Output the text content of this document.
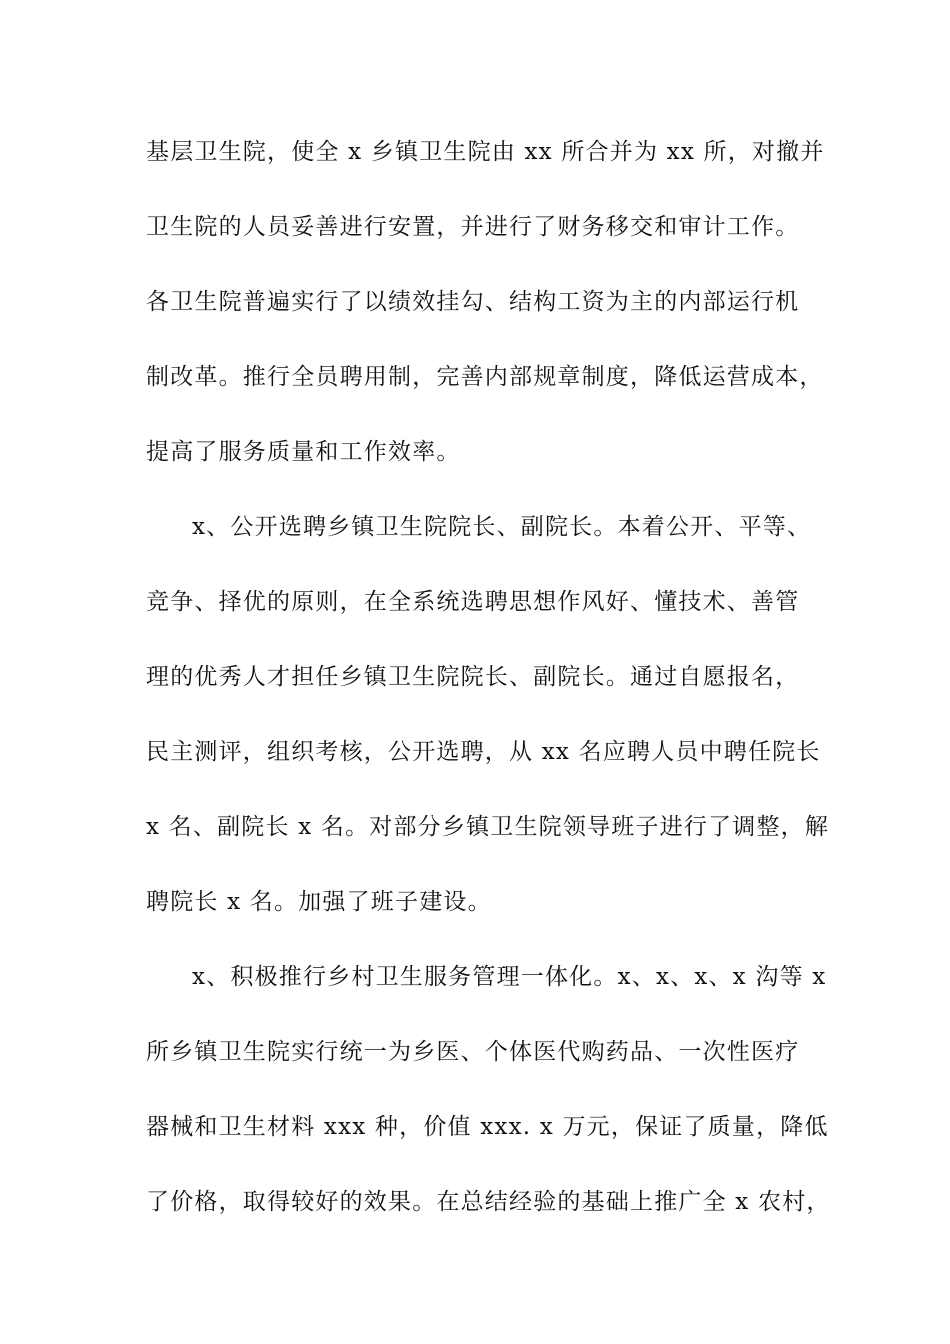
基层卫生院，使全 x 乡镇卫生院由 xx 所合并为 xx 所，对撤并
卫生院的人员妥善进行安置，并进行了财务移交和审计工作。
各卫生院普遍实行了以绩效挂勾、结构工资为主的内部运行机
制改革。推行全员聘用制，完善内部规章制度，降低运营成本，
提高了服务质量和工作效率。
x、公开选聘乡镇卫生院院长、副院长。本着公开、平等、
竞争、择优的原则，在全系统选聘思想作风好、懂技术、善管
理的优秀人才担任乡镇卫生院院长、副院长。通过自愿报名，
民主测评，组织考核，公开选聘，从 xx 名应聘人员中聘任院长
x 名、副院长 x 名。对部分乡镇卫生院领导班子进行了调整，解
聘院长 x 名。加强了班子建设。
x、积极推行乡村卫生服务管理一体化。x、x、x、x 沟等 x
所乡镇卫生院实行统一为乡医、个体医代购药品、一次性医疗
器械和卫生材料 xxx 种，价值 xxx. x 万元，保证了质量，降低
了价格，取得较好的效果。在总结经验的基础上推广全 x 农村，
